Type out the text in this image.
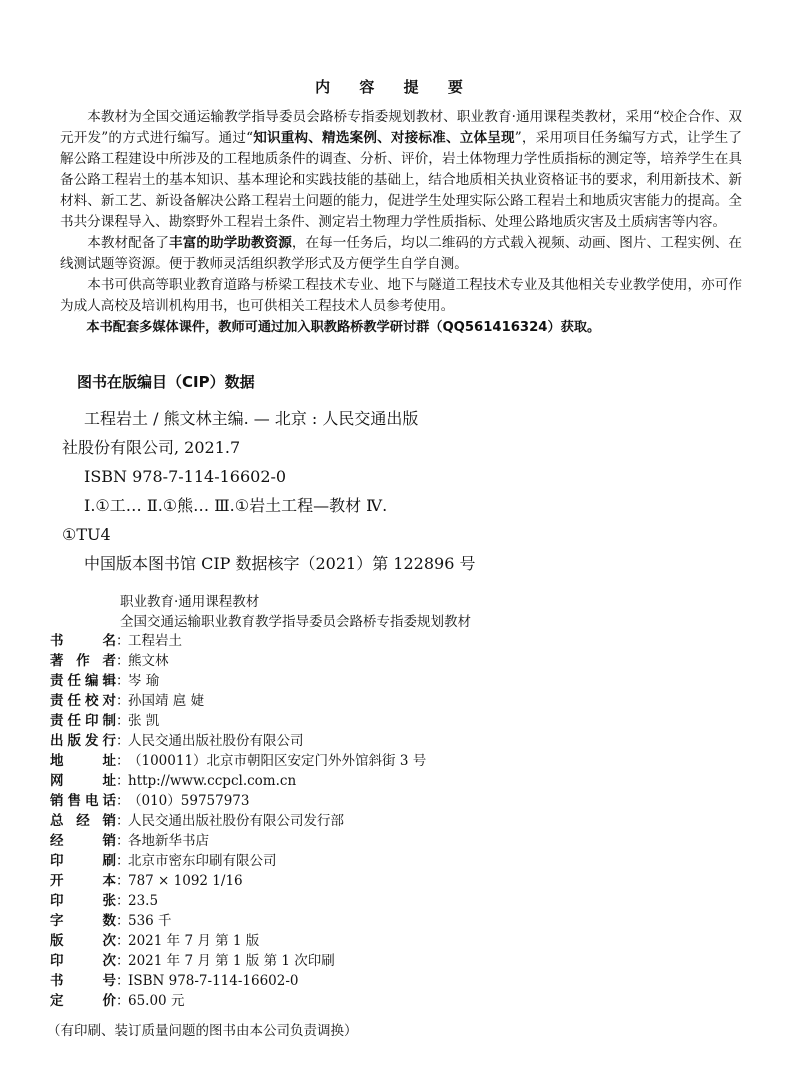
内 容 提 要

本教材为全国交通运输教学指导委员会路桥专指委规划教材、职业教育·通用课程类教材，采用“校企合作、双元开发”的方式进行编写。通过“知识重构、精选案例、对接标准、立体呈现”，采用项目任务编写方式，让学生了解公路工程建设中所涉及的工程地质条件的调查、分析、评价，岩土体物理力学性质指标的测定等，培养学生在具备公路工程岩土的基本知识、基本理论和实践技能的基础上，结合地质相关执业资格证书的要求，利用新技术、新材料、新工艺、新设备解决公路工程岩土问题的能力，促进学生处理实际公路工程岩土和地质灾害能力的提高。全书共分课程导入、勘察野外工程岩土条件、测定岩土物理力学性质指标、处理公路地质灾害及土质病害等内容。

本教材配备了丰富的助学助教资源，在每一任务后，均以二维码的方式载入视频、动画、图片、工程实例、在线测试题等资源。便于教师灵活组织教学形式及方便学生自学自测。

本书可供高等职业教育道路与桥梁工程技术专业、地下与隧道工程技术专业及其他相关专业教学使用，亦可作为成人高校及培训机构用书，也可供相关工程技术人员参考使用。

本书配套多媒体课件，教师可通过加入职教路桥教学研讨群（QQ561416324）获取。

图书在版编目（CIP）数据
工程岩土 / 熊文林主编. — 北京 : 人民交通出版
社股份有限公司, 2021.7
ISBN 978-7-114-16602-0
Ⅰ.①工… Ⅱ.①熊… Ⅲ.①岩土工程—教材 Ⅳ.
①TU4
中国版本图书馆 CIP 数据核字（2021）第 122896 号
职业教育·通用课程教材
全国交通运输职业教育教学指导委员会路桥专指委规划教材
书名：工程岩土
著作者：熊文林
责任编辑：岑 瑜
责任校对：孙国靖 扈 婕
责任印制：张 凯
出版发行：人民交通出版社股份有限公司
地址：（100011）北京市朝阳区安定门外外馆斜街 3 号
网址：http://www.ccpcl.com.cn
销售电话：（010）59757973
总经销：人民交通出版社股份有限公司发行部
经销：各地新华书店
印刷：北京市密东印刷有限公司
开本：787 × 1092 1/16
印张：23.5
字数：536 千
版次：2021 年 7 月 第 1 版
印次：2021 年 7 月 第 1 版 第 1 次印刷
书号：ISBN 978-7-114-16602-0
定价：65.00 元
（有印刷、装订质量问题的图书由本公司负责调换）
